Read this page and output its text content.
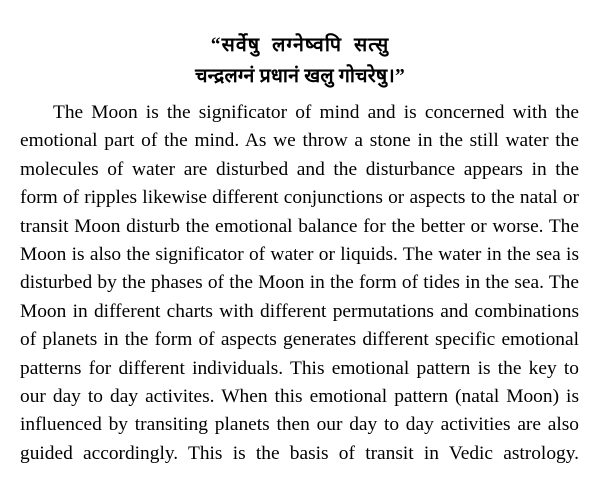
“सर्वेषु  लग्नेष्वपि  सत्सु
चन्द्रलग्नं प्रधानं खलु गोचरेषु।”

The Moon is the significator of mind and is concerned with the emotional part of the mind. As we throw a stone in the still water the molecules of water are disturbed and the disturbance appears in the form of ripples likewise different conjunctions or aspects to the natal or transit Moon disturb the emotional balance for the better or worse. The Moon is also the significator of water or liquids. The water in the sea is disturbed by the phases of the Moon in the form of tides in the sea. The Moon in different charts with different permutations and combinations of planets in the form of aspects generates different specific emotional patterns for different individuals. This emotional pattern is the key to our day to day activites. When this emotional pattern (natal Moon) is influenced by transiting planets then our day to day activities are also guided accordingly. This is the basis of transit in Vedic astrology.
